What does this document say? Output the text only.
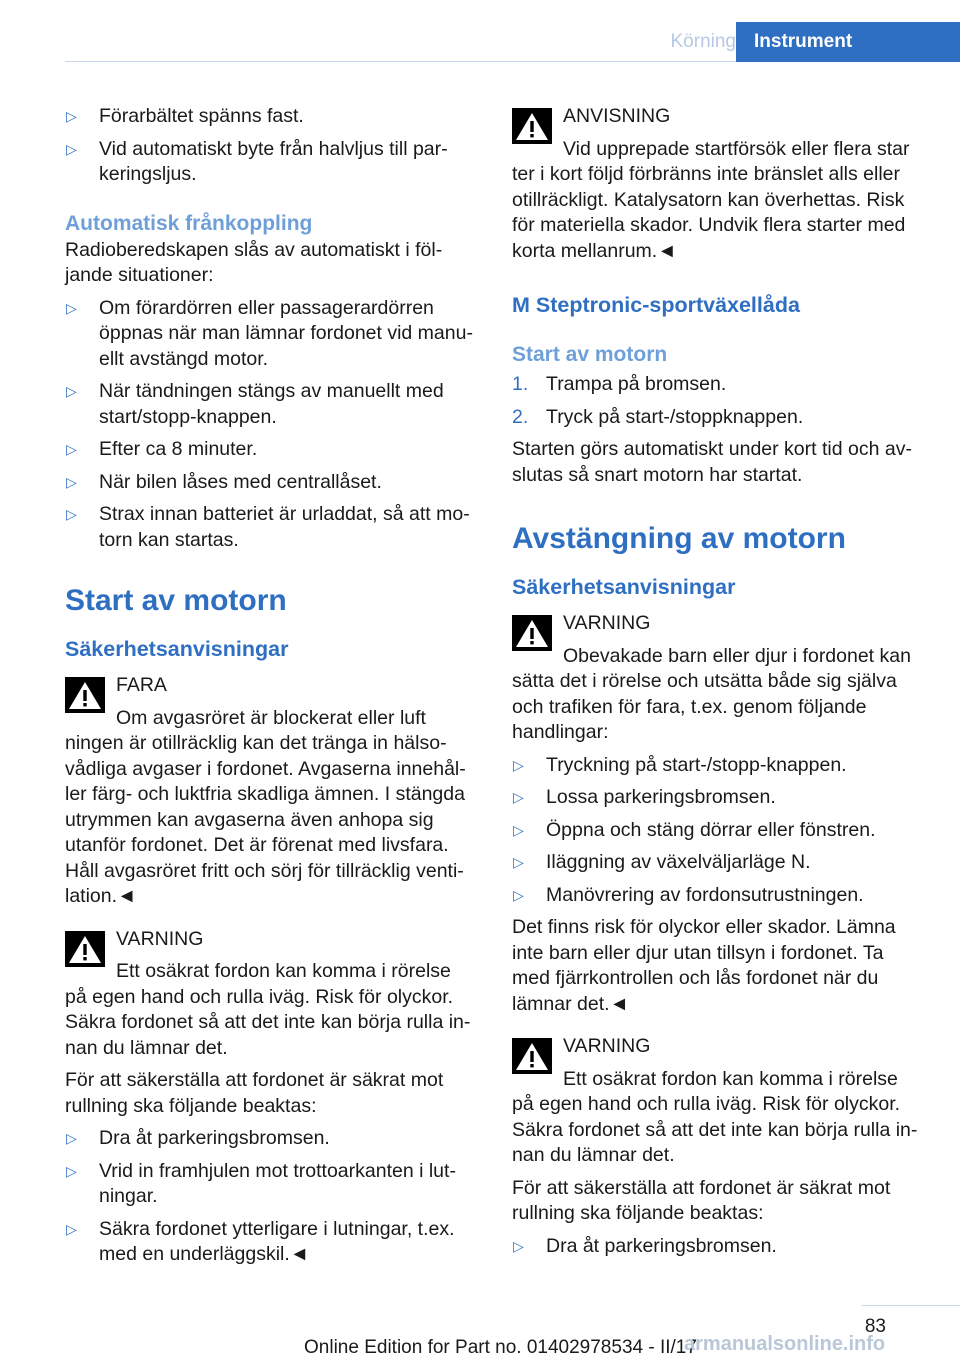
Körning Instrument
▷ Förarbältet spänns fast.
▷ Vid automatiskt byte från halvljus till parkeringsljus.
Automatisk frånkoppling
Radioberedskapen slås av automatiskt i följande situationer:
▷ Om förardörren eller passagerardörren öppnas när man lämnar fordonet vid manuellt avstängd motor.
▷ När tändningen stängs av manuellt med start/stopp-knappen.
▷ Efter ca 8 minuter.
▷ När bilen låses med centrallåset.
▷ Strax innan batteriet är urladdat, så att motorn kan startas.
Start av motorn
Säkerhetsanvisningar
FARA
Om avgasröret är blockerat eller luft
ningen är otillräcklig kan det tränga in hälsovådliga avgaser i fordonet. Avgaserna innehåller färg- och luktfria skadliga ämnen. I stängda utrymmen kan avgaserna även anhopa sig utanför fordonet. Det är förenat med livsfara. Håll avgasröret fritt och sörj för tillräcklig ventilation.◄
VARNING
Ett osäkrat fordon kan komma i rörelse
på egen hand och rulla iväg. Risk för olyckor. Säkra fordonet så att det inte kan börja rulla innan du lämnar det.
För att säkerställa att fordonet är säkrat mot rullning ska följande beaktas:
▷ Dra åt parkeringsbromsen.
▷ Vrid in framhjulen mot trottoarkanten i lutningar.
▷ Säkra fordonet ytterligare i lutningar, t.ex. med en underläggskil.◄
ANVISNING
Vid upprepade startförsök eller flera star
ter i kort följd förbränns inte bränslet alls eller otillräckligt. Katalysatorn kan överhettas. Risk för materiella skador. Undvik flera starter med korta mellanrum.◄
M Steptronic-sportväxellåda
Start av motorn
1. Trampa på bromsen.
2. Tryck på start-/stoppknappen.
Starten görs automatiskt under kort tid och avslutas så snart motorn har startat.
Avstängning av motorn
Säkerhetsanvisningar
VARNING
Obevakade barn eller djur i fordonet kan
sätta det i rörelse och utsätta både sig själva och trafiken för fara, t.ex. genom följande handlingar:
▷ Tryckning på start-/stopp-knappen.
▷ Lossa parkeringsbromsen.
▷ Öppna och stäng dörrar eller fönstren.
▷ Iläggning av växelväljarläge N.
▷ Manövrering av fordonsutrustningen.
Det finns risk för olyckor eller skador. Lämna inte barn eller djur utan tillsyn i fordonet. Ta med fjärrkontrollen och lås fordonet när du lämnar det.◄
VARNING
Ett osäkrat fordon kan komma i rörelse
på egen hand och rulla iväg. Risk för olyckor. Säkra fordonet så att det inte kan börja rulla innan du lämnar det.
För att säkerställa att fordonet är säkrat mot rullning ska följande beaktas:
▷ Dra åt parkeringsbromsen.
83
Online Edition for Part no. 01402978534 - II/17
armanualsonline.info
